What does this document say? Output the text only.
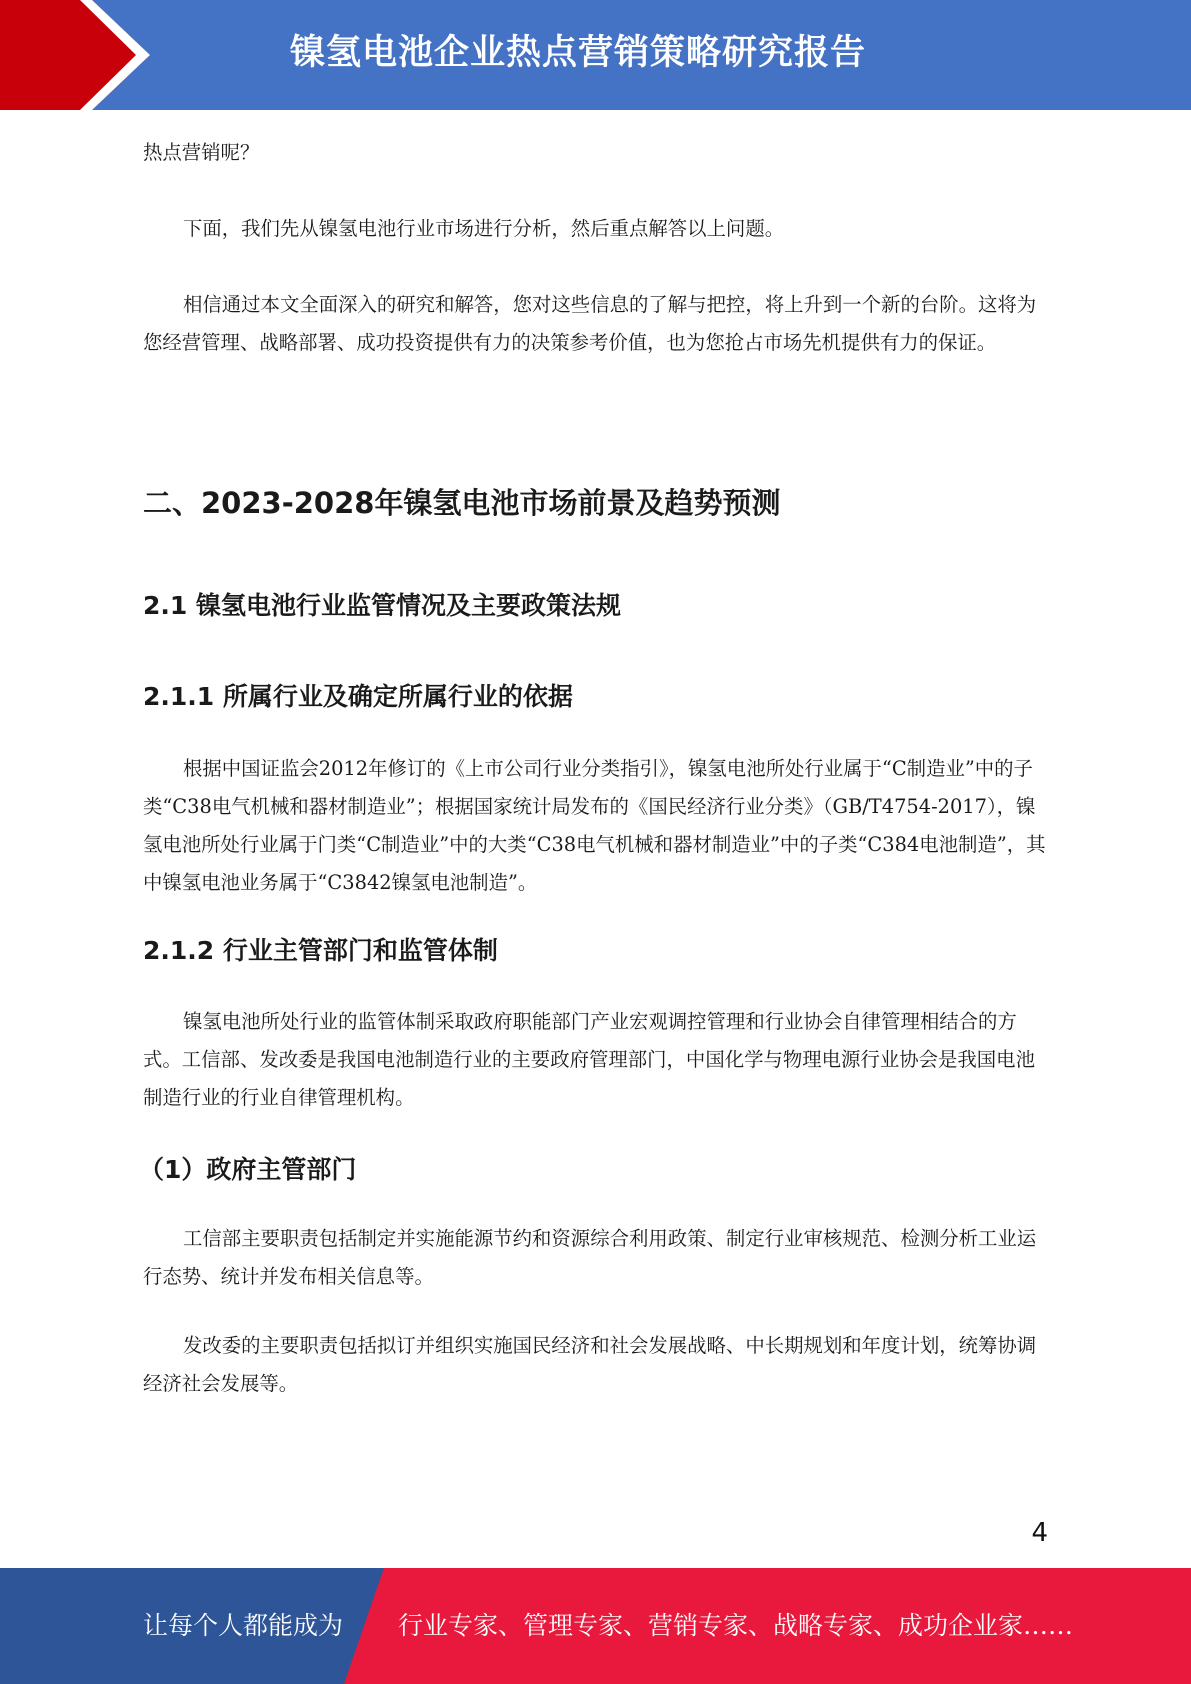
镍氢电池企业热点营销策略研究报告

热点营销呢？

下面，我们先从镍氢电池行业市场进行分析，然后重点解答以上问题。

相信通过本文全面深入的研究和解答，您对这些信息的了解与把控，将上升到一个新的台阶。这将为您经营管理、战略部署、成功投资提供有力的决策参考价值，也为您抢占市场先机提供有力的保证。

二、2023-2028年镍氢电池市场前景及趋势预测
2.1 镍氢电池行业监管情况及主要政策法规
2.1.1 所属行业及确定所属行业的依据

根据中国证监会2012年修订的《上市公司行业分类指引》，镍氢电池所处行业属于“C制造业”中的子类“C38电气机械和器材制造业”；根据国家统计局发布的《国民经济行业分类》（GB/T4754-2017），镍氢电池所处行业属于门类“C制造业”中的大类“C38电气机械和器材制造业”中的子类“C384电池制造”，其中镍氢电池业务属于“C3842镍氢电池制造”。

2.1.2 行业主管部门和监管体制

镍氢电池所处行业的监管体制采取政府职能部门产业宏观调控管理和行业协会自律管理相结合的方式。工信部、发改委是我国电池制造行业的主要政府管理部门，中国化学与物理电源行业协会是我国电池制造行业的行业自律管理机构。

（1）政府主管部门

工信部主要职责包括制定并实施能源节约和资源综合利用政策、制定行业审核规范、检测分析工业运行态势、统计并发布相关信息等。

发改委的主要职责包括拟订并组织实施国民经济和社会发展战略、中长期规划和年度计划，统筹协调经济社会发展等。

4
让每个人都能成为 行业专家、管理专家、营销专家、战略专家、成功企业家……
